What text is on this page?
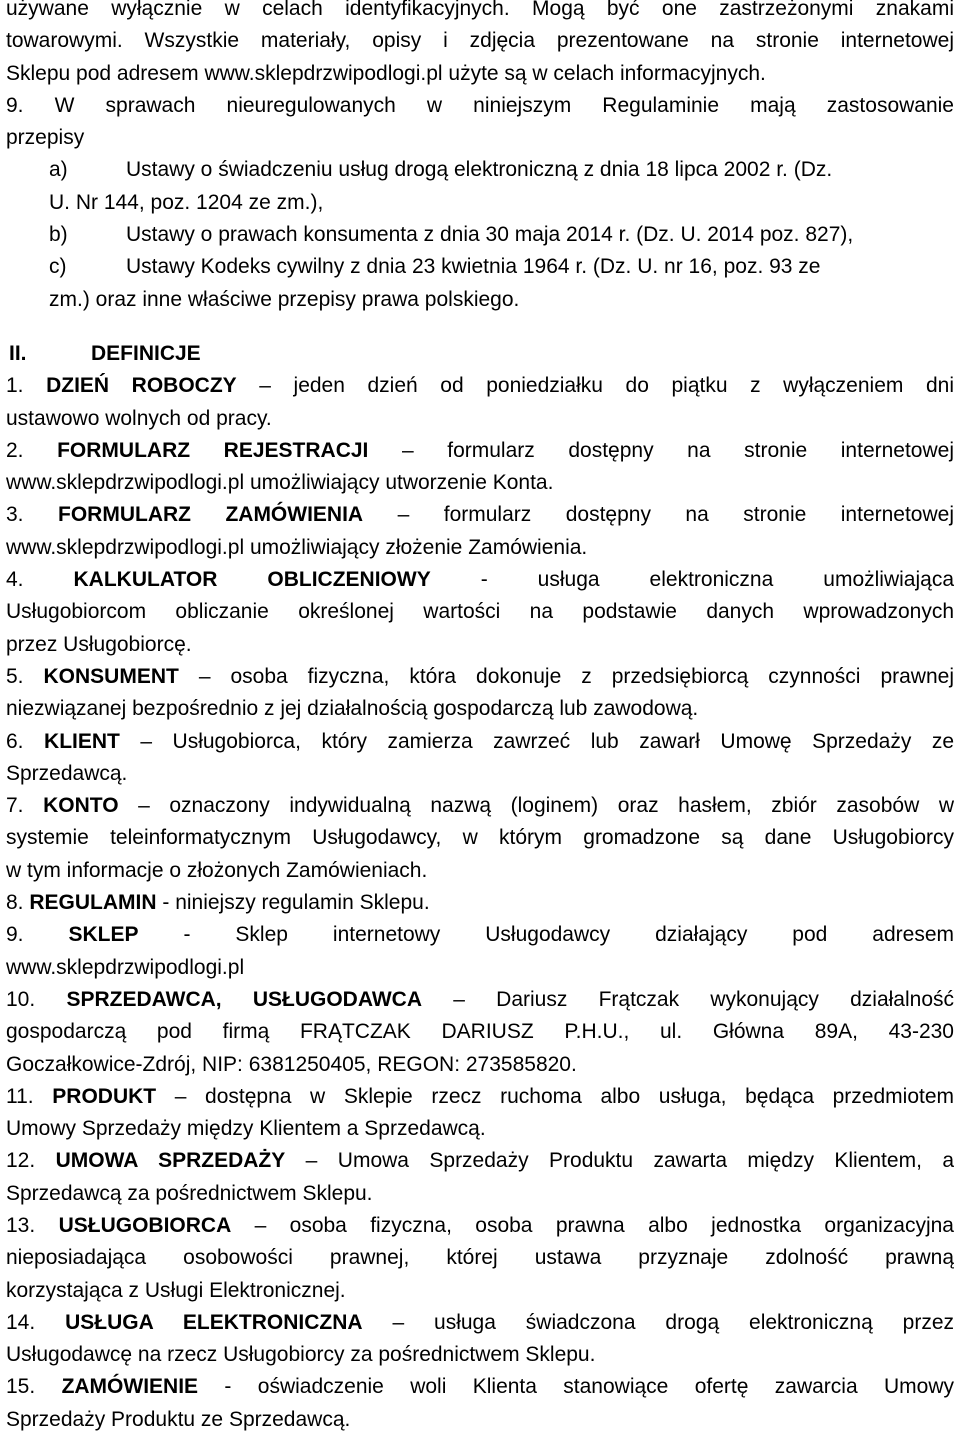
używane wyłącznie w celach identyfikacyjnych. Mogą być one zastrzeżonymi znakami
towarowymi. Wszystkie materiały, opisy i zdjęcia prezentowane na stronie internetowej
Sklepu pod adresem www.sklepdrzwipodlogi.pl użyte są w celach informacyjnych.
9. W sprawach nieuregulowanych w niniejszym Regulaminie mają zastosowanie
przepisy
a)	Ustawy o świadczeniu usług drogą elektroniczną z dnia 18 lipca 2002 r. (Dz.
U. Nr 144, poz. 1204 ze zm.),
b)	Ustawy o prawach konsumenta z dnia 30 maja 2014 r. (Dz. U. 2014 poz. 827),
c)	Ustawy Kodeks cywilny z dnia 23 kwietnia 1964 r. (Dz. U. nr 16, poz. 93 ze
zm.) oraz inne właściwe przepisy prawa polskiego.
II.	DEFINICJE
1. DZIEŃ ROBOCZY – jeden dzień od poniedziałku do piątku z wyłączeniem dni
ustawowo wolnych od pracy.
2. FORMULARZ REJESTRACJI – formularz dostępny na stronie internetowej
www.sklepdrzwipodlogi.pl umożliwiający utworzenie Konta.
3. FORMULARZ ZAMÓWIENIA – formularz dostępny na stronie internetowej
www.sklepdrzwipodlogi.pl umożliwiający złożenie Zamówienia.
4. KALKULATOR OBLICZENIOWY - usługa elektroniczna umożliwiająca
Usługobiorcom obliczanie określonej wartości na podstawie danych wprowadzonych
przez Usługobiorcę.
5. KONSUMENT – osoba fizyczna, która dokonuje z przedsiębiorcą czynności prawnej
niezwiązanej bezpośrednio z jej działalnością gospodarczą lub zawodową.
6. KLIENT – Usługobiorca, który zamierza zawrzeć lub zawarł Umowę Sprzedaży ze
Sprzedawcą.
7. KONTO – oznaczony indywidualną nazwą (loginem) oraz hasłem, zbiór zasobów w
systemie teleinformatycznym Usługodawcy, w którym gromadzone są dane Usługobiorcy
w tym informacje o złożonych Zamówieniach.
8. REGULAMIN - niniejszy regulamin Sklepu.
9. SKLEP - Sklep internetowy Usługodawcy działający pod adresem
www.sklepdrzwipodlogi.pl
10. SPRZEDAWCA, USŁUGODAWCA – Dariusz Frątczak wykonujący działalność
gospodarczą pod firmą FRĄTCZAK DARIUSZ P.H.U., ul. Główna 89A, 43-230
Goczałkowice-Zdrój, NIP: 6381250405, REGON: 273585820.
11. PRODUKT – dostępna w Sklepie rzecz ruchoma albo usługa, będąca przedmiotem
Umowy Sprzedaży między Klientem a Sprzedawcą.
12. UMOWA SPRZEDAŻY – Umowa Sprzedaży Produktu zawarta między Klientem, a
Sprzedawcą za pośrednictwem Sklepu.
13. USŁUGOBIORCA – osoba fizyczna, osoba prawna albo jednostka organizacyjna
nieposiadająca osobowości prawnej, której ustawa przyznaje zdolność prawną
korzystająca z Usługi Elektronicznej.
14. USŁUGA ELEKTRONICZNA – usługa świadczona drogą elektroniczną przez
Usługodawcę na rzecz Usługobiorcy za pośrednictwem Sklepu.
15. ZAMÓWIENIE - oświadczenie woli Klienta stanowiące ofertę zawarcia Umowy
Sprzedaży Produktu ze Sprzedawcą.
